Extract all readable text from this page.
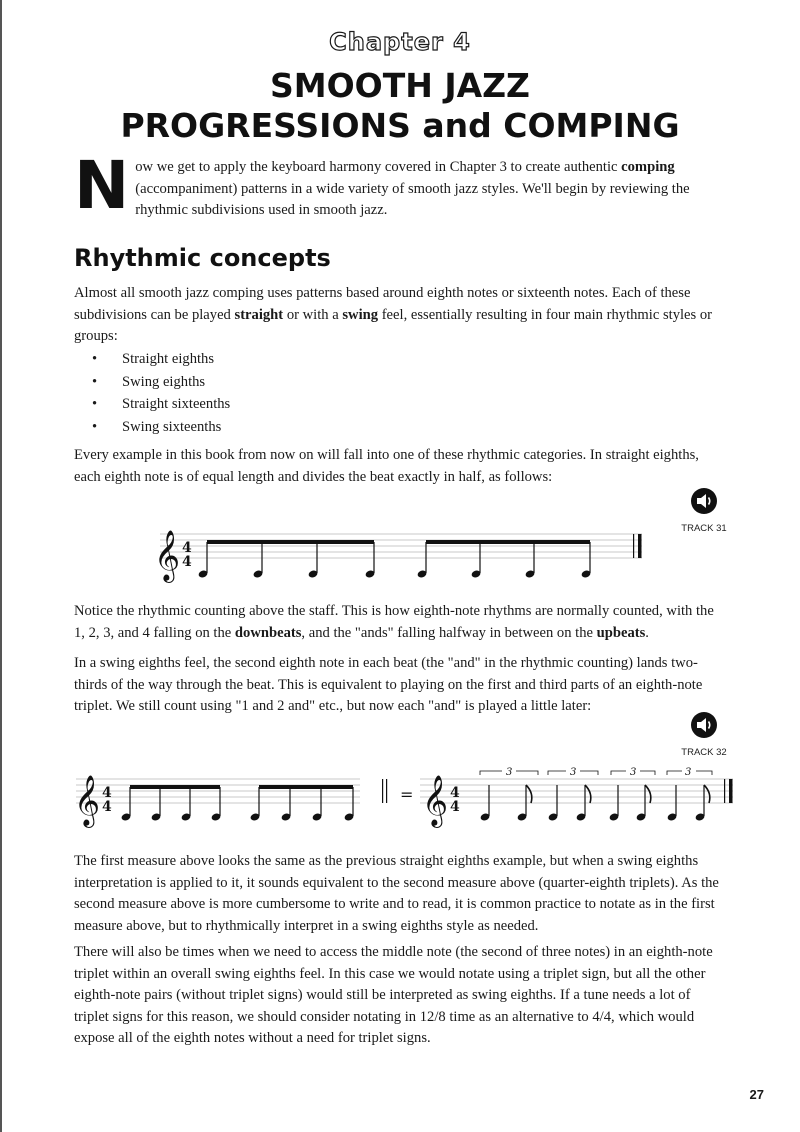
Chapter 4
SMOOTH JAZZ
PROGRESSIONS and COMPING
N ow we get to apply the keyboard harmony covered in Chapter 3 to create authentic comping (accompaniment) patterns in a wide variety of smooth jazz styles. We'll begin by reviewing the rhythmic subdivisions used in smooth jazz.

Rhythmic concepts

Almost all smooth jazz comping uses patterns based around eighth notes or sixteenth notes. Each of these subdivisions can be played straight or with a swing feel, essentially resulting in four main rhythmic styles or groups:

• Straight eighths
• Swing eighths
• Straight sixteenths
• Swing sixteenths

Every example in this book from now on will fall into one of these rhythmic categories. In straight eighths, each eighth note is of equal length and divides the beat exactly in half, as follows:

TRACK 31
𝄞 4
4

Notice the rhythmic counting above the staff. This is how eighth-note rhythms are normally counted, with the 1, 2, 3, and 4 falling on the downbeats, and the "ands" falling halfway in between on the upbeats.

In a swing eighths feel, the second eighth note in each beat (the "and" in the rhythmic counting) lands two-thirds of the way through the beat. This is equivalent to playing on the first and third parts of an eighth-note triplet. We still count using "1 and 2 and" etc., but now each "and" is played a little later:

TRACK 32
𝄞 4
4
= 𝄞 4
4
3	3	3	3

The first measure above looks the same as the previous straight eighths example, but when a swing eighths interpretation is applied to it, it sounds equivalent to the second measure above (quarter-eighth triplets). As the second measure above is more cumbersome to write and to read, it is common practice to notate as in the first measure above, but to rhythmically interpret in a swing eighths style as needed.

There will also be times when we need to access the middle note (the second of three notes) in an eighth-note triplet within an overall swing eighths feel. In this case we would notate using a triplet sign, but all the other eighth-note pairs (without triplet signs) would still be interpreted as swing eighths. If a tune needs a lot of triplet signs for this reason, we should consider notating in 12/8 time as an alternative to 4/4, which would expose all of the eighth notes without a need for triplet signs.

27
